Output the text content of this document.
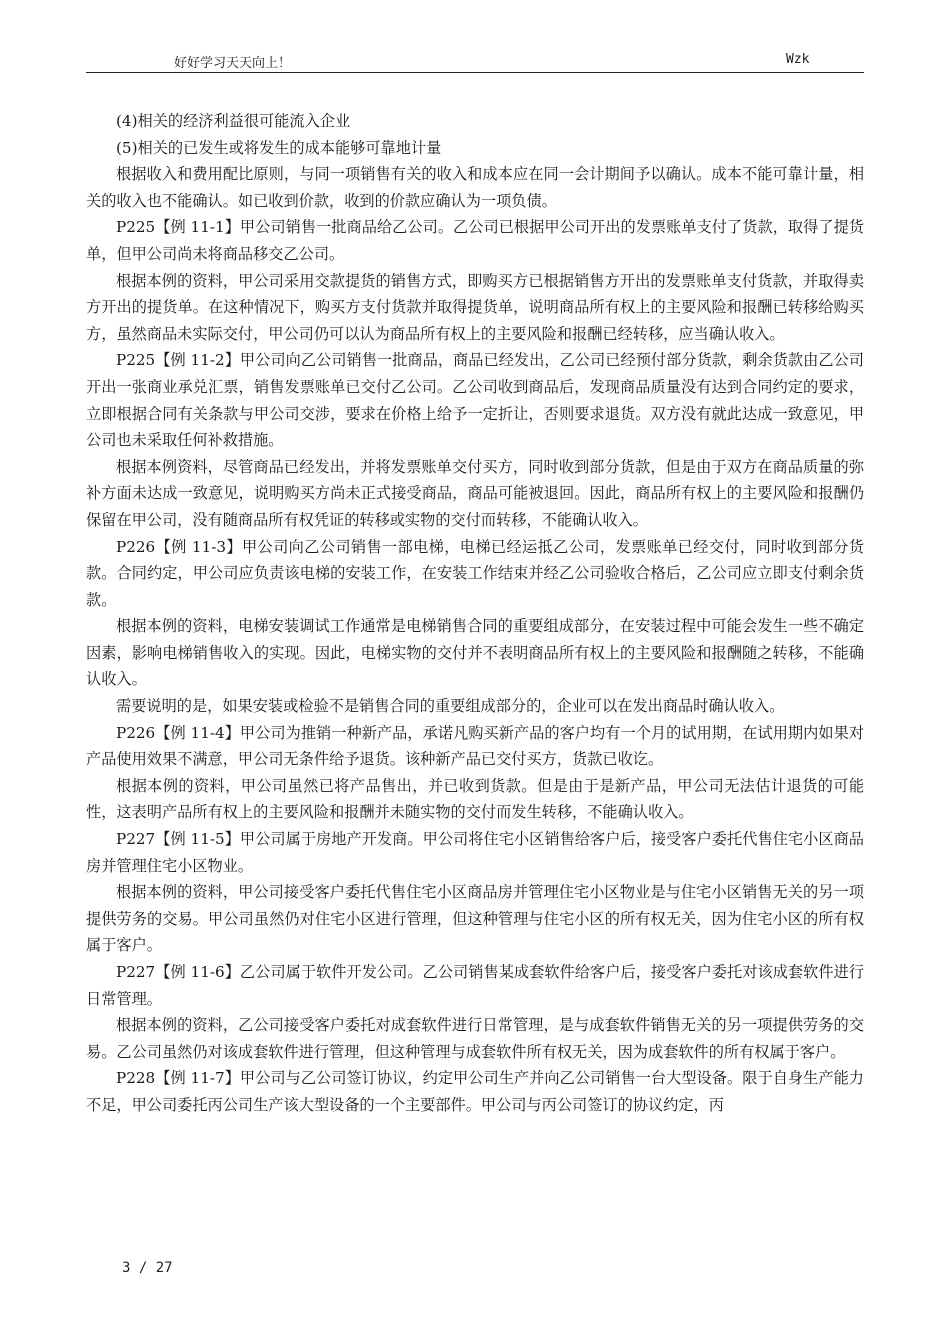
好好学习天天向上！	Wzk

(4)相关的经济利益很可能流入企业

(5)相关的已发生或将发生的成本能够可靠地计量

根据收入和费用配比原则，与同一项销售有关的收入和成本应在同一会计期间予以确认。成本不能可靠计量，相关的收入也不能确认。如已收到价款，收到的价款应确认为一项负债。

P225【例 11-1】甲公司销售一批商品给乙公司。乙公司已根据甲公司开出的发票账单支付了货款，取得了提货单，但甲公司尚未将商品移交乙公司。

根据本例的资料，甲公司采用交款提货的销售方式，即购买方已根据销售方开出的发票账单支付货款，并取得卖方开出的提货单。在这种情况下，购买方支付货款并取得提货单，说明商品所有权上的主要风险和报酬已转移给购买方，虽然商品未实际交付，甲公司仍可以认为商品所有权上的主要风险和报酬已经转移，应当确认收入。

P225【例 11-2】甲公司向乙公司销售一批商品，商品已经发出，乙公司已经预付部分货款，剩余货款由乙公司开出一张商业承兑汇票，销售发票账单已交付乙公司。乙公司收到商品后，发现商品质量没有达到合同约定的要求，立即根据合同有关条款与甲公司交涉，要求在价格上给予一定折让，否则要求退货。双方没有就此达成一致意见，甲公司也未采取任何补救措施。

根据本例资料，尽管商品已经发出，并将发票账单交付买方，同时收到部分货款，但是由于双方在商品质量的弥补方面未达成一致意见，说明购买方尚未正式接受商品，商品可能被退回。因此，商品所有权上的主要风险和报酬仍保留在甲公司，没有随商品所有权凭证的转移或实物的交付而转移，不能确认收入。

P226【例 11-3】甲公司向乙公司销售一部电梯，电梯已经运抵乙公司，发票账单已经交付，同时收到部分货款。合同约定，甲公司应负责该电梯的安装工作，在安装工作结束并经乙公司验收合格后，乙公司应立即支付剩余货款。

根据本例的资料，电梯安装调试工作通常是电梯销售合同的重要组成部分，在安装过程中可能会发生一些不确定因素，影响电梯销售收入的实现。因此，电梯实物的交付并不表明商品所有权上的主要风险和报酬随之转移，不能确认收入。

需要说明的是，如果安装或检验不是销售合同的重要组成部分的，企业可以在发出商品时确认收入。

P226【例 11-4】甲公司为推销一种新产品，承诺凡购买新产品的客户均有一个月的试用期，在试用期内如果对产品使用效果不满意，甲公司无条件给予退货。该种新产品已交付买方，货款已收讫。

根据本例的资料，甲公司虽然已将产品售出，并已收到货款。但是由于是新产品，甲公司无法估计退货的可能性，这表明产品所有权上的主要风险和报酬并未随实物的交付而发生转移，不能确认收入。

P227【例 11-5】甲公司属于房地产开发商。甲公司将住宅小区销售给客户后，接受客户委托代售住宅小区商品房并管理住宅小区物业。

根据本例的资料，甲公司接受客户委托代售住宅小区商品房并管理住宅小区物业是与住宅小区销售无关的另一项提供劳务的交易。甲公司虽然仍对住宅小区进行管理，但这种管理与住宅小区的所有权无关，因为住宅小区的所有权属于客户。

P227【例 11-6】乙公司属于软件开发公司。乙公司销售某成套软件给客户后，接受客户委托对该成套软件进行日常管理。

根据本例的资料，乙公司接受客户委托对成套软件进行日常管理，是与成套软件销售无关的另一项提供劳务的交易。乙公司虽然仍对该成套软件进行管理，但这种管理与成套软件所有权无关，因为成套软件的所有权属于客户。

P228【例 11-7】甲公司与乙公司签订协议，约定甲公司生产并向乙公司销售一台大型设备。限于自身生产能力不足，甲公司委托丙公司生产该大型设备的一个主要部件。甲公司与丙公司签订的协议约定，丙

3 / 27
